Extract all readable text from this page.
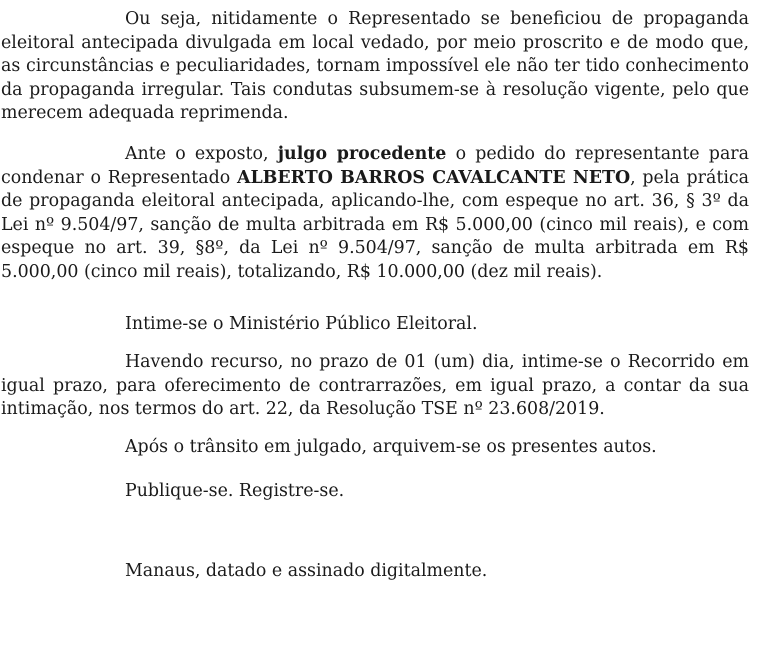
Ou seja, nitidamente o Representado se beneficiou de propaganda eleitoral antecipada divulgada em local vedado, por meio proscrito e de modo que, as circunstâncias e peculiaridades, tornam impossível ele não ter tido conhecimento da propaganda irregular. Tais condutas subsumem-se à resolução vigente, pelo que merecem adequada reprimenda.

Ante o exposto, julgo procedente o pedido do representante para condenar o Representado ALBERTO BARROS CAVALCANTE NETO, pela prática de propaganda eleitoral antecipada, aplicando-lhe, com espeque no art. 36, § 3º da Lei nº 9.504/97, sanção de multa arbitrada em R$ 5.000,00 (cinco mil reais), e com espeque no art. 39, §8º, da Lei nº 9.504/97, sanção de multa arbitrada em R$ 5.000,00 (cinco mil reais), totalizando, R$ 10.000,00 (dez mil reais).

Intime-se o Ministério Público Eleitoral.

Havendo recurso, no prazo de 01 (um) dia, intime-se o Recorrido em igual prazo, para oferecimento de contrarrazões, em igual prazo, a contar da sua intimação, nos termos do art. 22, da Resolução TSE nº 23.608/2019.

Após o trânsito em julgado, arquivem-se os presentes autos.

Publique-se. Registre-se.

Manaus, datado e assinado digitalmente.
